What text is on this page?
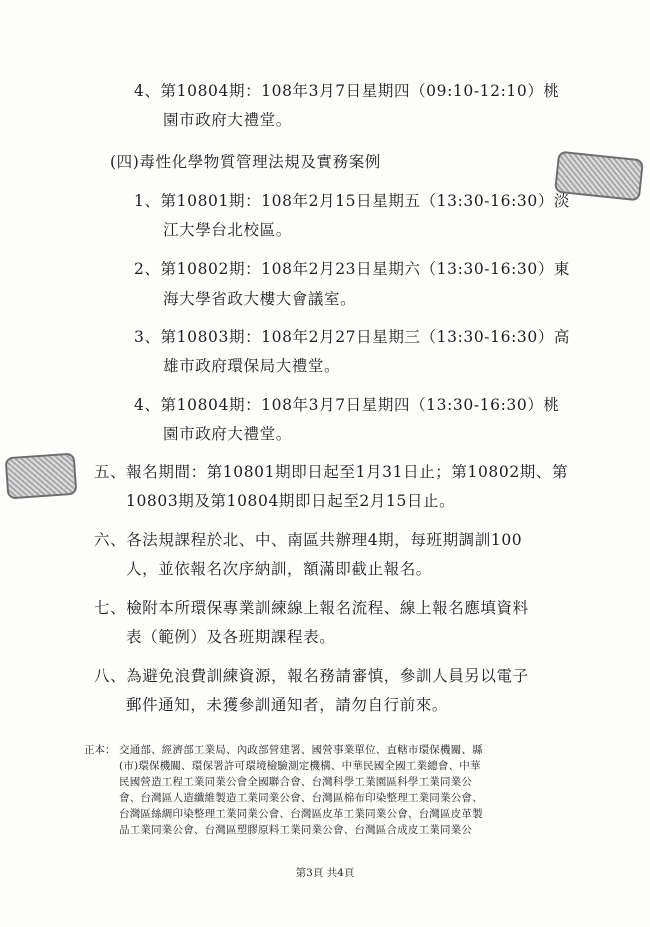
4、第10804期：108年3月7日星期四（09:10-12:10）桃
園市政府大禮堂。
(四)毒性化學物質管理法規及實務案例
1、第10801期：108年2月15日星期五（13:30-16:30）淡
江大學台北校區。
2、第10802期：108年2月23日星期六（13:30-16:30）東
海大學省政大樓大會議室。
3、第10803期：108年2月27日星期三（13:30-16:30）高
雄市政府環保局大禮堂。
4、第10804期：108年3月7日星期四（13:30-16:30）桃
園市政府大禮堂。
五、報名期間：第10801期即日起至1月31日止；第10802期、第
10803期及第10804期即日起至2月15日止。
六、各法規課程於北、中、南區共辦理4期，每班期調訓100
人，並依報名次序納訓，額滿即截止報名。
七、檢附本所環保專業訓練線上報名流程、線上報名應填資料
表（範例）及各班期課程表。
八、為避免浪費訓練資源，報名務請審慎，參訓人員另以電子
郵件通知，未獲參訓通知者，請勿自行前來。
正本： 交通部、經濟部工業局、內政部營建署、國營事業單位、直轄市環保機關、縣
(市)環保機關、環保署許可環境檢驗測定機構、中華民國全國工業總會、中華
民國營造工程工業同業公會全國聯合會、台灣科學工業園區科學工業同業公
會、台灣區人造纖維製造工業同業公會、台灣區棉布印染整理工業同業公會、
台灣區絲綢印染整理工業同業公會、台灣區皮革工業同業公會、台灣區皮革製
品工業同業公會、台灣區塑膠原料工業同業公會、台灣區合成皮工業同業公
第3頁 共4頁
